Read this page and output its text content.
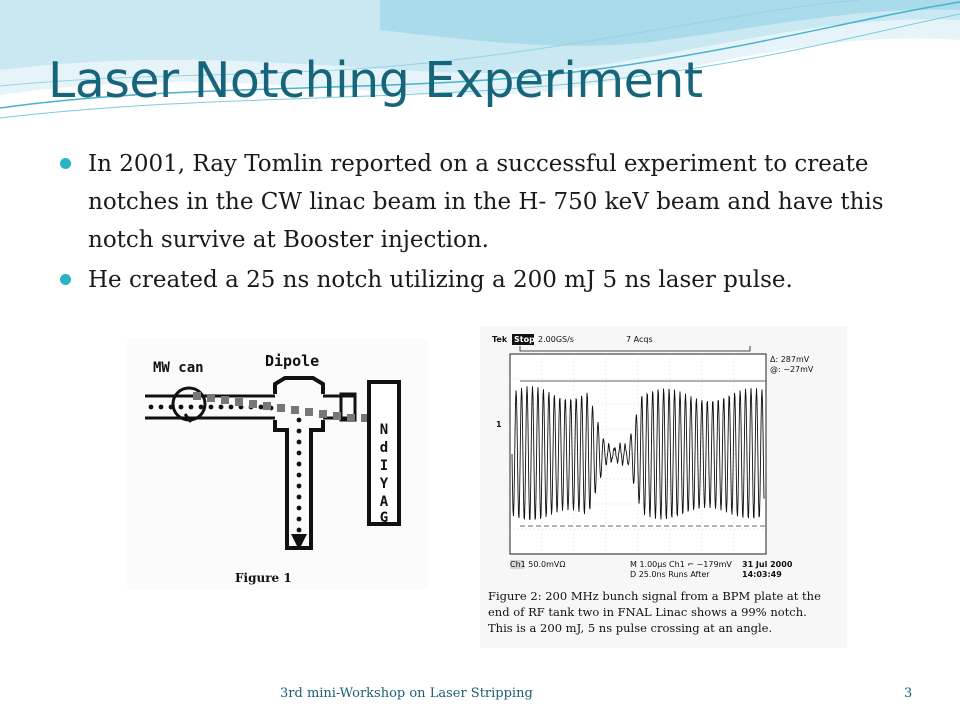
Laser Notching Experiment
In 2001, Ray Tomlin reported on a successful experiment to create notches in the CW linac beam in the H- 750 keV beam and have this notch survive at Booster injection.
He created a 25 ns notch utilizing a 200 mJ 5 ns laser pulse.
N
d
I
Y
A
G
MW can	Dipole
Figure 1
Tek Stop 2.00GS/s	7 Acqs
Δ: 287mV
@: −27mV
1
Ch1 50.0mVΩ	M 1.00µs Ch1 ⌐ −179mV
D 25.0ns Runs After
31 Jul 2000
14:03:49
Figure 2: 200 MHz bunch signal from a BPM plate at the
end of RF tank two in FNAL Linac shows a 99% notch.
This is a 200 mJ, 5 ns pulse crossing at an angle.
3rd mini-Workshop on Laser Stripping	3
